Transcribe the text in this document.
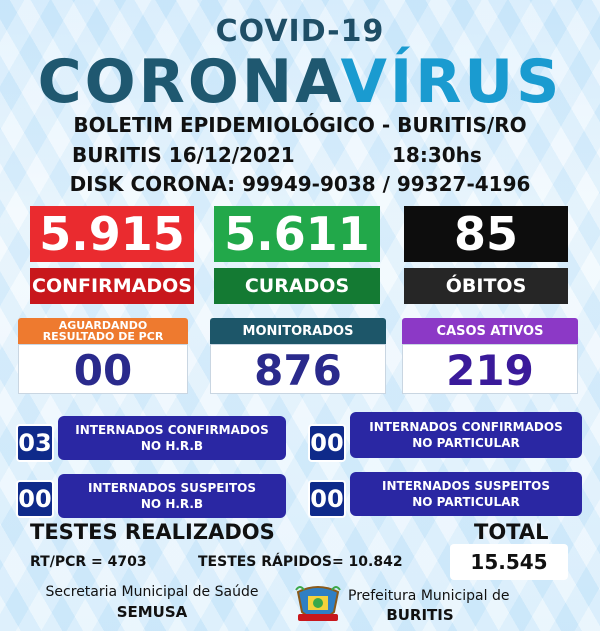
COVID-19
CORONAVÍRUS
BOLETIM EPIDEMIOLÓGICO - BURITIS/RO
BURITIS 16/12/2021	18:30hs
DISK CORONA: 99949-9038 / 99327-4196
5.915
CONFIRMADOS
5.611
CURADOS
85
ÓBITOS
AGUARDANDO RESULTADO DE PCR
00
MONITORADOS
876
CASOS ATIVOS
219
03	INTERNADOS CONFIRMADOS
NO H.R.B	00
INTERNADOS CONFIRMADOS
NO PARTICULAR
00	INTERNADOS SUSPEITOS
NO H.R.B	00	INTERNADOS SUSPEITOS
NO PARTICULAR
TESTES REALIZADOS	TOTAL
RT/PCR = 4703	TESTES RÁPIDOS= 10.842	15.545
Secretaria Municipal de Saúde
SEMUSA
Prefeitura Municipal de
BURITIS
